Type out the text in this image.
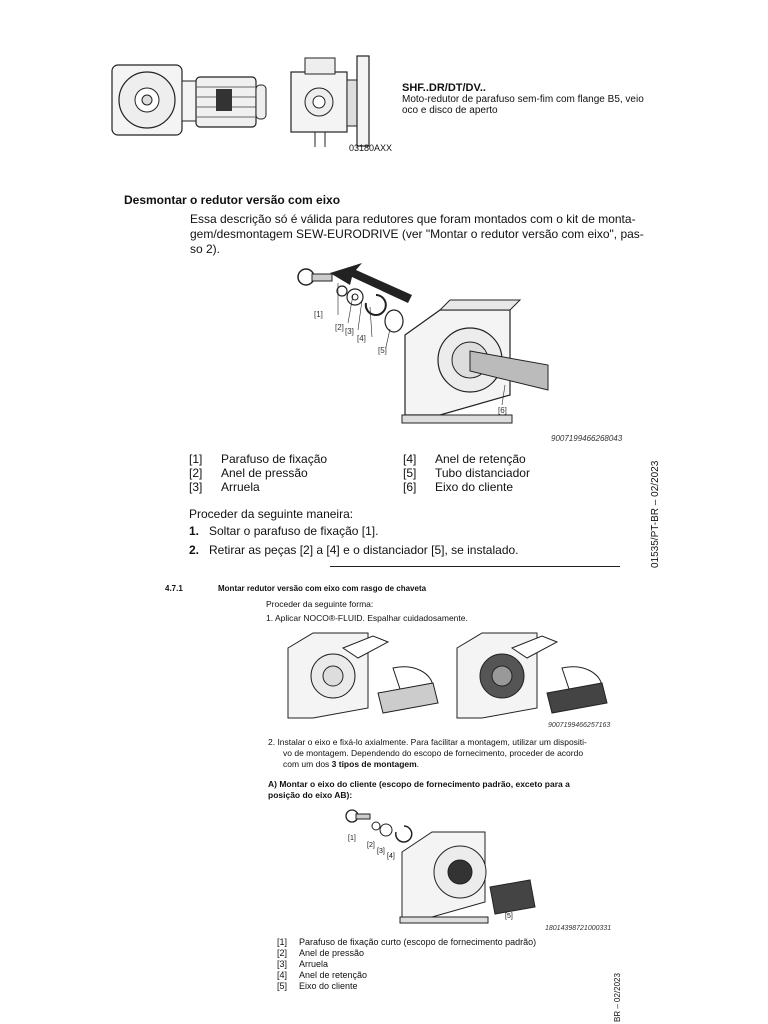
SHF..DR/DT/DV..
Moto-redutor de parafuso sem-fim com flange B5, veio
oco e disco de aperto
03180AXX
Desmontar o redutor versão com eixo
Essa descrição só é válida para redutores que foram montados com o kit de monta-
gem/desmontagem SEW-EURODRIVE (ver "Montar o redutor versão com eixo", pas-
so 2).
[1]
[2] [3]
[4]
[5]
[6]
9007199466268043
[1] Parafuso de fixação
[2] Anel de pressão
[3] Arruela
[4] Anel de retenção
[5] Tubo distanciador
[6] Eixo do cliente
Proceder da seguinte maneira:
1. Soltar o parafuso de fixação [1].
2. Retirar as peças [2] a [4] e o distanciador [5], se instalado.	01535/PT-BR – 02/2023
4.7.1	Montar redutor versão com eixo com rasgo de chaveta
Proceder da seguinte forma:
1. Aplicar NOCO®-FLUID. Espalhar cuidadosamente.
9007199466257163
2. Instalar o eixo e fixá-lo axialmente. Para facilitar a montagem, utilizar um dispositi-
vo de montagem. Dependendo do escopo de fornecimento, proceder de acordo
com um dos 3 tipos de montagem.
A) Montar o eixo do cliente (escopo de fornecimento padrão, exceto para a
posição do eixo AB):
[1]
[2]
[3]
[4]
[5]
18014398721000331
[1] Parafuso de fixação curto (escopo de fornecimento padrão)
[2] Anel de pressão
[3] Arruela
[4] Anel de retenção
[5] Eixo do cliente	BR – 02/2023
